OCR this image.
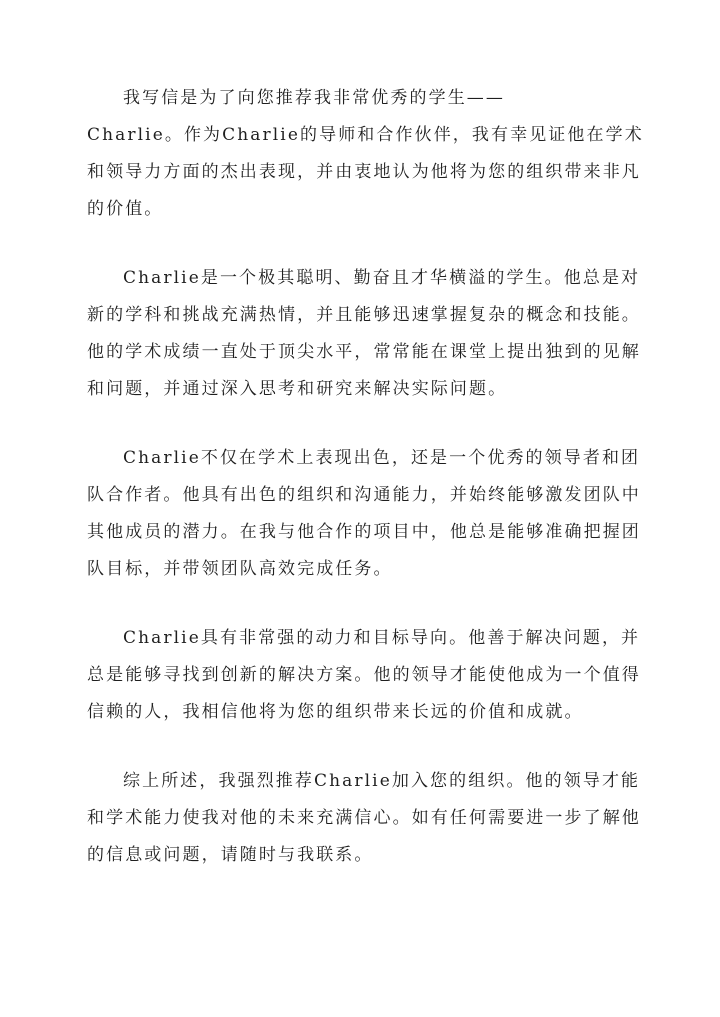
我写信是为了向您推荐我非常优秀的学生——
Charlie。作为Charlie的导师和合作伙伴，我有幸见证他在学术
和领导力方面的杰出表现，并由衷地认为他将为您的组织带来非凡
的价值。
Charlie是一个极其聪明、勤奋且才华横溢的学生。他总是对
新的学科和挑战充满热情，并且能够迅速掌握复杂的概念和技能。
他的学术成绩一直处于顶尖水平，常常能在课堂上提出独到的见解
和问题，并通过深入思考和研究来解决实际问题。
Charlie不仅在学术上表现出色，还是一个优秀的领导者和团
队合作者。他具有出色的组织和沟通能力，并始终能够激发团队中
其他成员的潜力。在我与他合作的项目中，他总是能够准确把握团
队目标，并带领团队高效完成任务。
Charlie具有非常强的动力和目标导向。他善于解决问题，并
总是能够寻找到创新的解决方案。他的领导才能使他成为一个值得
信赖的人，我相信他将为您的组织带来长远的价值和成就。
综上所述，我强烈推荐Charlie加入您的组织。他的领导才能
和学术能力使我对他的未来充满信心。如有任何需要进一步了解他
的信息或问题，请随时与我联系。
